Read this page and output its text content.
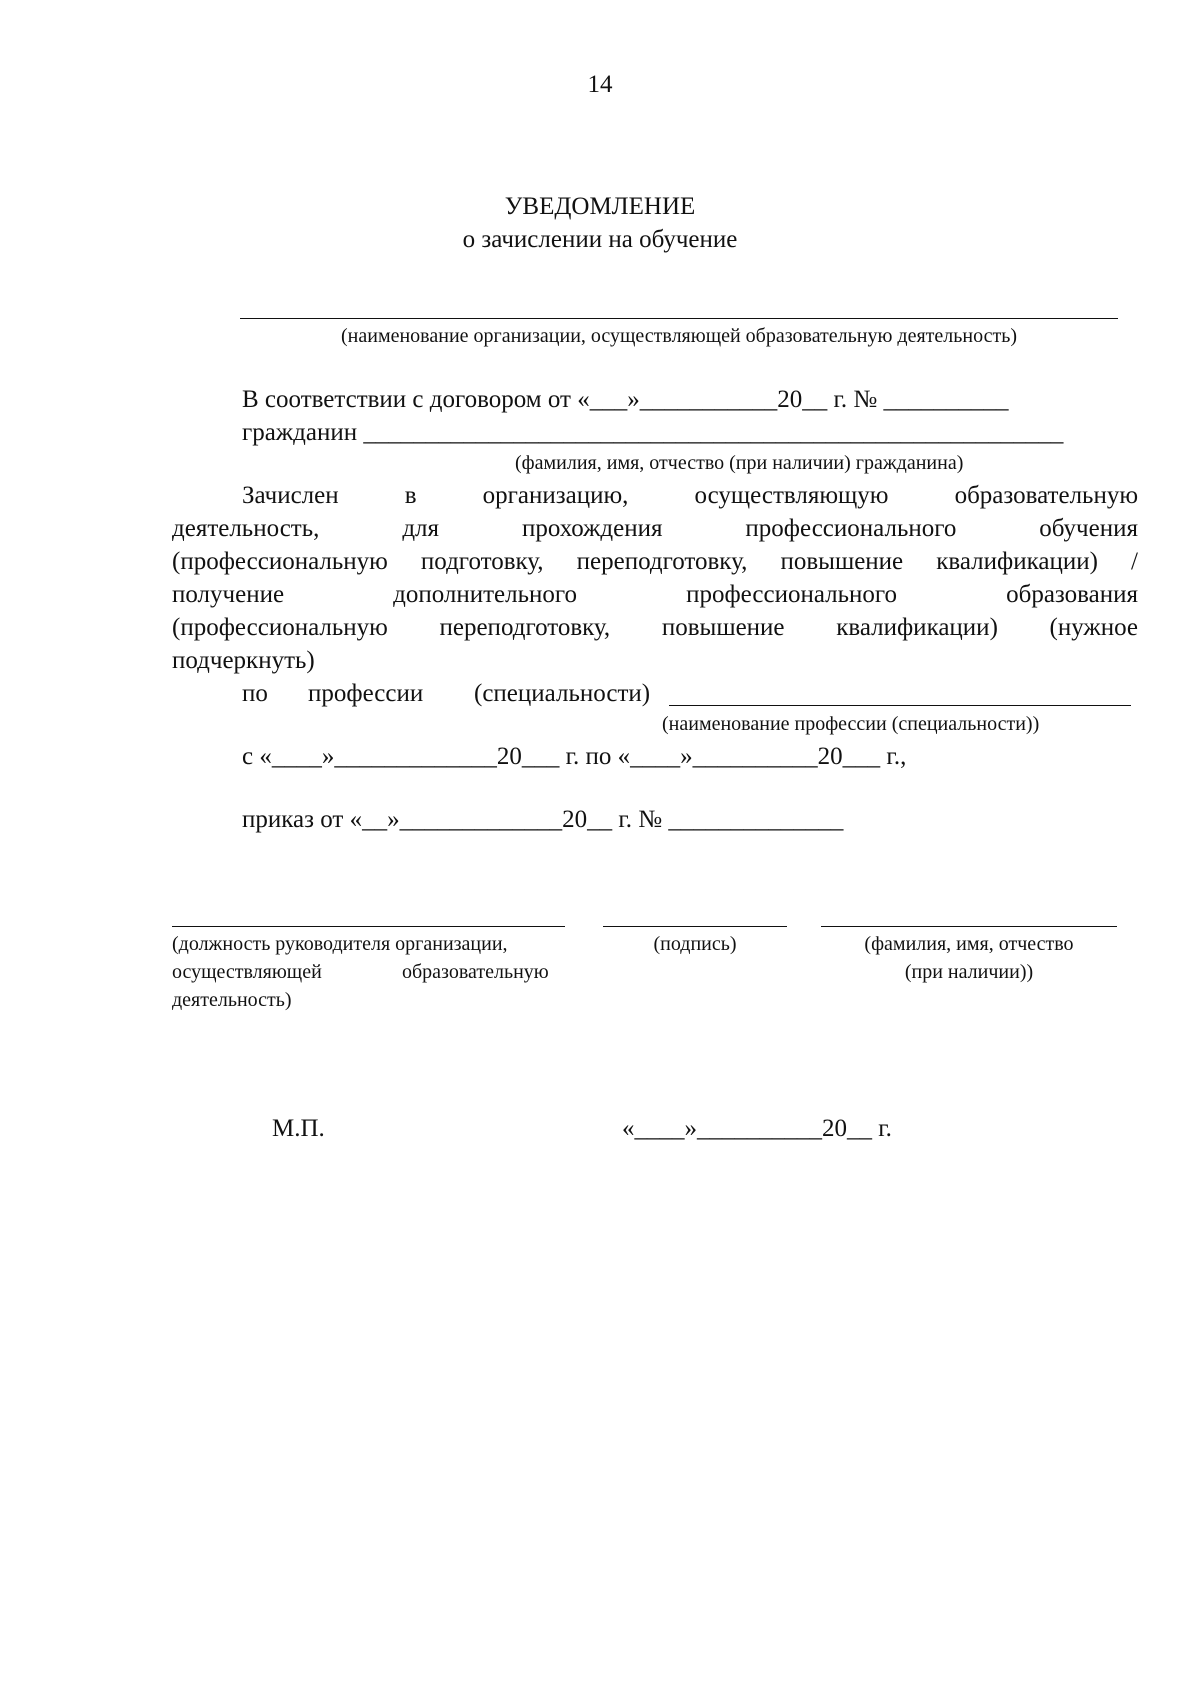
14
УВЕДОМЛЕНИЕ
о зачислении на обучение
(наименование организации, осуществляющей образовательную деятельность)
В соответствии с договором от «___»___________20__ г. № __________
гражданин ________________________________________________________
(фамилия, имя, отчество (при наличии) гражданина)
Зачислен в организацию, осуществляющую образовательную
деятельность, для прохождения профессионального обучения
(профессиональную подготовку, переподготовку, повышение квалификации) /
получение дополнительного профессионального образования
(профессиональную переподготовку, повышение квалификации) (нужное
подчеркнуть)
по профессии (специальности)
(наименование профессии (специальности))
с «____»_____________20___ г. по «____»__________20___ г.,
приказ от «__»_____________20__ г. № ______________
(должность руководителя организации,
осуществляющей	образовательную
деятельность)
(подпись)	(фамилия, имя, отчество
(при наличии))
М.П.	«____»__________20__ г.
